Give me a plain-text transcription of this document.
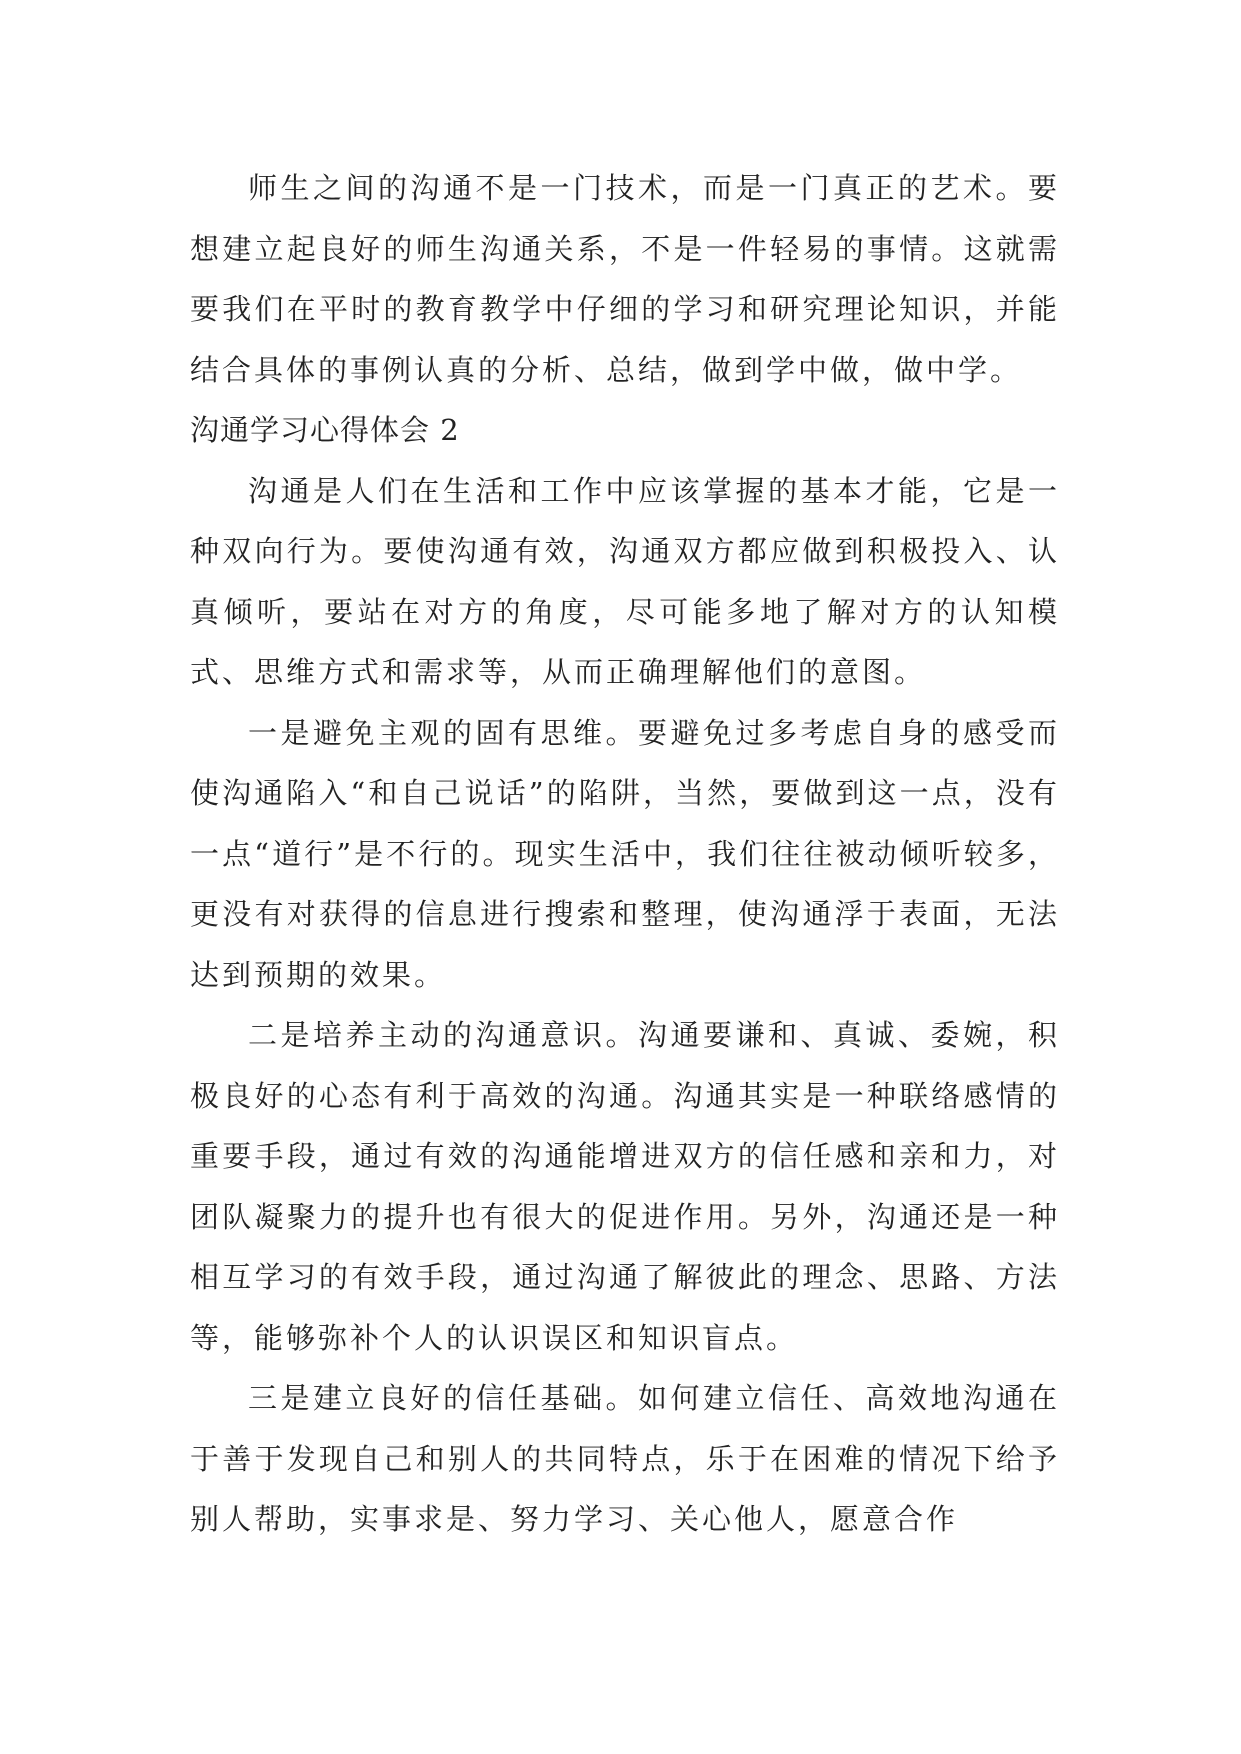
师生之间的沟通不是一门技术，而是一门真正的艺术。要想建立起良好的师生沟通关系，不是一件轻易的事情。这就需要我们在平时的教育教学中仔细的学习和研究理论知识，并能结合具体的事例认真的分析、总结，做到学中做，做中学。

沟通学习心得体会 2

沟通是人们在生活和工作中应该掌握的基本才能，它是一种双向行为。要使沟通有效，沟通双方都应做到积极投入、认真倾听，要站在对方的角度，尽可能多地了解对方的认知模式、思维方式和需求等，从而正确理解他们的意图。

一是避免主观的固有思维。要避免过多考虑自身的感受而使沟通陷入“和自己说话”的陷阱，当然，要做到这一点，没有一点“道行”是不行的。现实生活中，我们往往被动倾听较多，更没有对获得的信息进行搜索和整理，使沟通浮于表面，无法达到预期的效果。

二是培养主动的沟通意识。沟通要谦和、真诚、委婉，积极良好的心态有利于高效的沟通。沟通其实是一种联络感情的重要手段，通过有效的沟通能增进双方的信任感和亲和力，对团队凝聚力的提升也有很大的促进作用。另外，沟通还是一种相互学习的有效手段，通过沟通了解彼此的理念、思路、方法等，能够弥补个人的认识误区和知识盲点。

三是建立良好的信任基础。如何建立信任、高效地沟通在于善于发现自己和别人的共同特点，乐于在困难的情况下给予别人帮助，实事求是、努力学习、关心他人，愿意合作
